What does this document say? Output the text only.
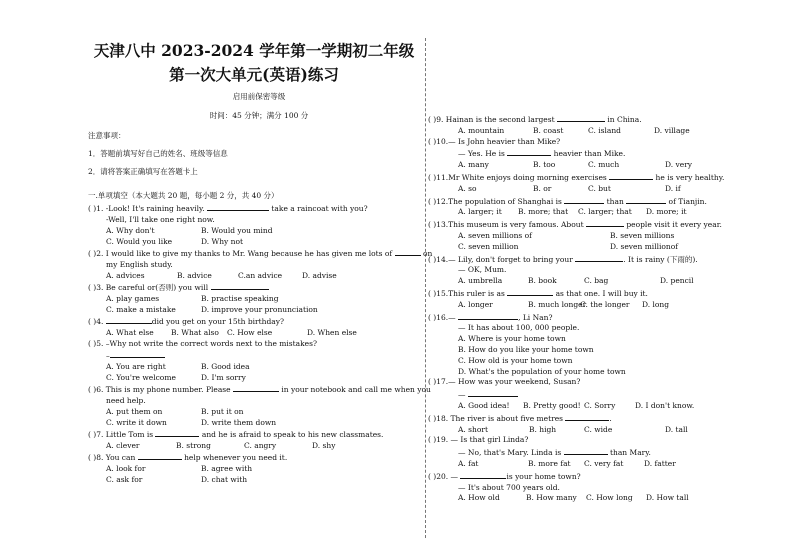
天津八中 2023-2024 学年第一学期初二年级
第一次大单元(英语)练习
启用前保密等级
时间：45 分钟；满分 100 分
注意事项：
1．答题前填写好自己的姓名、班级等信息
2．请将答案正确填写在答题卡上
一.单项填空（本大题共 20 题，每小题 2 分，共 40 分）
( )1. -Look! It's raining heavily.	take a raincoat with you?
-Well, I'll take one right now.
A. Why don't	B. Would you mind
C. Would you like	D. Why not
( )2. I would like to give my thanks to Mr. Wang because he has given me lots of	on
my English study.
A. advices	B. advice	C.an advice	D. advise
( )3. Be careful or(否则) you will
A. play games	B. practise speaking
C. make a mistake	D. improve your pronunciation
( )4.	did you get on your 15th birthday?
A. What else	B. What also	C. How else	D. When else
( )5. –Why not write the correct words next to the mistakes?
–
A. You are right	B. Good idea
C. You're welcome	D. I'm sorry
( )6. This is my phone number. Please	in your notebook and call me when you
need help.
A. put them on	B. put it on
C. write it down	D. write them down
( )7. Little Tom is	and he is afraid to speak to his new classmates.
A. clever	B. strong	C. angry	D. shy
( )8. You can	help whenever you need it.
A. look for	B. agree with
C. ask for	D. chat with
( )9. Hainan is the second largest	in China.
A. mountain	B. coast	C. island	D. village
( )10.— Is John heavier than Mike?
— Yes. He is	heavier than Mike.
A. many	B. too	C. much	D. very
( )11.Mr White enjoys doing morning exercises	he is very healthy.
A. so	B. or	C. but	D. if
( )12.The population of Shanghai is	than	of Tianjin.
A. larger; it	B. more; that	C. larger; that	D. more; it
( )13.This museum is very famous. About	people visit it every year.
A. seven millions of	B. seven millions
C. seven million	D. seven millionof
( )14.— Lily, don't forget to bring your	. It is rainy (下雨的).
— OK, Mum.
A. umbrella	B. book	C. bag	D. pencil
( )15.This ruler is as	as that one. I will buy it.
A. longer	B. much longer
C. the longer	D. long
( )16.—	, Li Nan?
— It has about 100, 000 people.
A. Where is your home town
B. How do you like your home town
C. How old is your home town
D. What's the population of your home town
( )17.— How was your weekend, Susan?
—
A. Good idea!	B. Pretty good! C. Sorry	D. I don't know.
( )18. The river is about five metres	.
A. short	B. high	C. wide	D. tall
( )19. — Is that girl Linda?
— No, that's Mary. Linda is	than Mary.
A. fat	B. more fat	C. very fat	D. fatter
( )20. —	is your home town?
— It's about 700 years old.
A. How old	B. How many	C. How long	D. How tall
